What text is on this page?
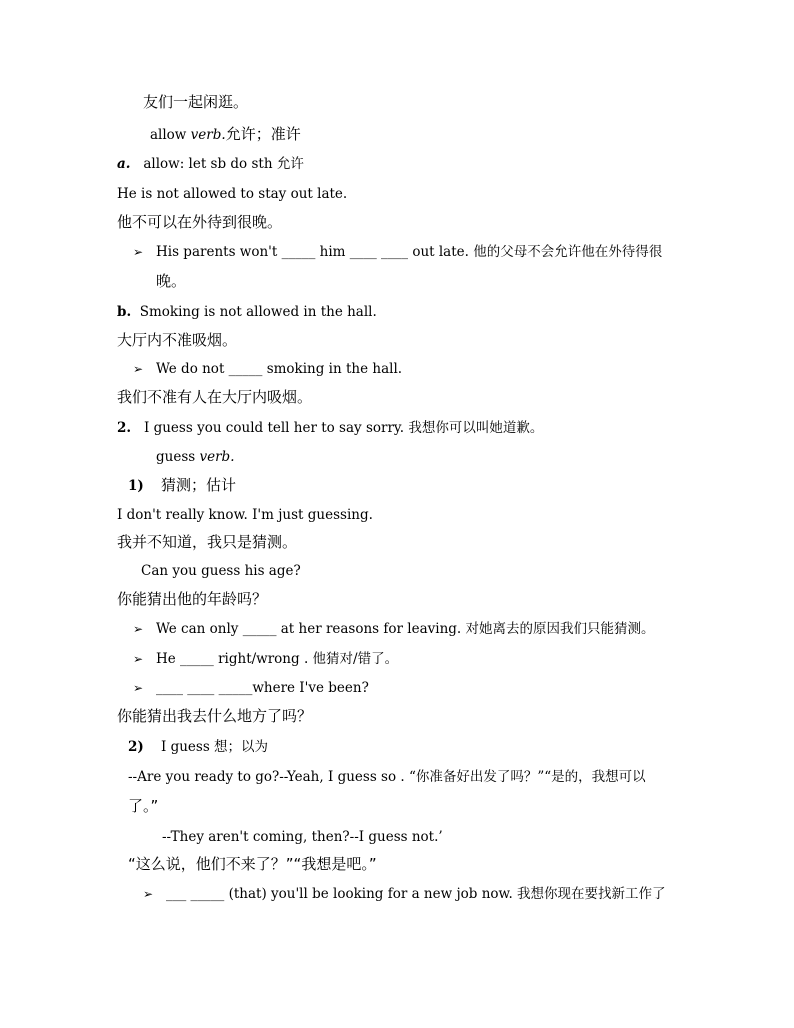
友们一起闲逛。
allow verb.允许；准许
a. allow: let sb do sth 允许
He is not allowed to stay out late.
他不可以在外待到很晚。
➢ His parents won't _____ him ____ ____ out late. 他的父母不会允许他在外待得很
晚。
b. Smoking is not allowed in the hall.
大厅内不准吸烟。
➢ We do not _____ smoking in the hall.
我们不准有人在大厅内吸烟。
2. I guess you could tell her to say sorry. 我想你可以叫她道歉。
guess verb.
1) 猜测；估计
I don't really know. I'm just guessing.
我并不知道，我只是猜测。
Can you guess his age?
你能猜出他的年龄吗？
➢ We can only _____ at her reasons for leaving. 对她离去的原因我们只能猜测。
➢ He _____ right/wrong . 他猜对/错了。
➢ ____ ____ _____where I've been?
你能猜出我去什么地方了吗？
2) I guess 想；以为
--Are you ready to go?--Yeah, I guess so . “你准备好出发了吗？”“是的，我想可以
了。”
--They aren't coming, then?--I guess not.’
“这么说，他们不来了？”“我想是吧。”
➢ ___ _____ (that) you'll be looking for a new job now. 我想你现在要找新工作了
